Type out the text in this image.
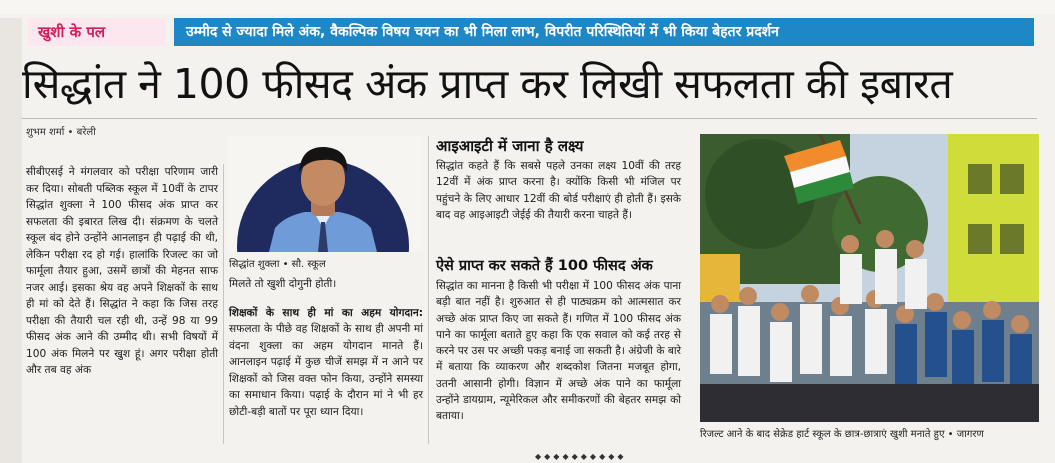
खुशी के पल	उम्मीद से ज्यादा मिले अंक, वैकल्पिक विषय चयन का भी मिला लाभ, विपरीत परिस्थितियों में भी किया बेहतर प्रदर्शन
सिद्धांत ने 100 फीसद अंक प्राप्त कर लिखी सफलता की इबारत
शुभम शर्मा • बरेली

सीबीएसई ने मंगलवार को परीक्षा परिणाम जारी कर दिया। सोबती पब्लिक स्कूल में 10वीं के टापर सिद्धांत शुक्ला ने 100 फीसद अंक प्राप्त कर सफलता की इबारत लिख दी। संक्रमण के चलते स्कूल बंद होने उन्होंने आनलाइन ही पढ़ाई की थी, लेकिन परीक्षा रद हो गई। हालांकि रिजल्ट का जो फार्मूला तैयार हुआ, उसमें छात्रों की मेहनत साफ नजर आई। इसका श्रेय वह अपने शिक्षकों के साथ ही मां को देते हैं। सिद्धांत ने कहा कि जिस तरह परीक्षा की तैयारी चल रही थी, उन्हें 98 या 99 फीसद अंक आने की उम्मीद थी। सभी विषयों में 100 अंक मिलने पर खुश हूं। अगर परीक्षा होती और तब वह अंक

सिद्धांत शुक्ला • सौ. स्कूल
मिलते तो खुशी दोगुनी होती।

शिक्षकों के साथ ही मां का अहम योगदान: सफलता के पीछे वह शिक्षकों के साथ ही अपनी मां वंदना शुक्ला का अहम योगदान मानते हैं। आनलाइन पढ़ाई में कुछ चीजें समझ में न आने पर शिक्षकों को जिस वक्त फोन किया, उन्होंने समस्या का समाधान किया। पढ़ाई के दौरान मां ने भी हर छोटी-बड़ी बातों पर पूरा ध्यान दिया।

आइआइटी में जाना है लक्ष्य

सिद्धांत कहते हैं कि सबसे पहले उनका लक्ष्य 10वीं की तरह 12वीं में अंक प्राप्त करना है। क्योंकि किसी भी मंजिल पर पहुंचने के लिए आधार 12वीं की बोर्ड परीक्षाएं ही होती हैं। इसके बाद वह आइआइटी जेईई की तैयारी करना चाहते हैं।

ऐसे प्राप्त कर सकते हैं 100 फीसद अंक

सिद्धांत का मानना है किसी भी परीक्षा में 100 फीसद अंक पाना बड़ी बात नहीं है। शुरुआत से ही पाठ्यक्रम को आत्मसात कर अच्छे अंक प्राप्त किए जा सकते हैं। गणित में 100 फीसद अंक पाने का फार्मूला बताते हुए कहा कि एक सवाल को कई तरह से करने पर उस पर अच्छी पकड़ बनाई जा सकती है। अंग्रेजी के बारे में बताया कि व्याकरण और शब्दकोश जितना मजबूत होगा, उतनी आसानी होगी। विज्ञान में अच्छे अंक पाने का फार्मूला उन्होंने डायग्राम, न्यूमेरिकल और समीकरणों की बेहतर समझ को बताया।

रिजल्ट आने के बाद सेक्रेड हार्ट स्कूल के छात्र-छात्राएं खुशी मनाते हुए • जागरण
◆◆◆◆◆◆◆◆◆◆
